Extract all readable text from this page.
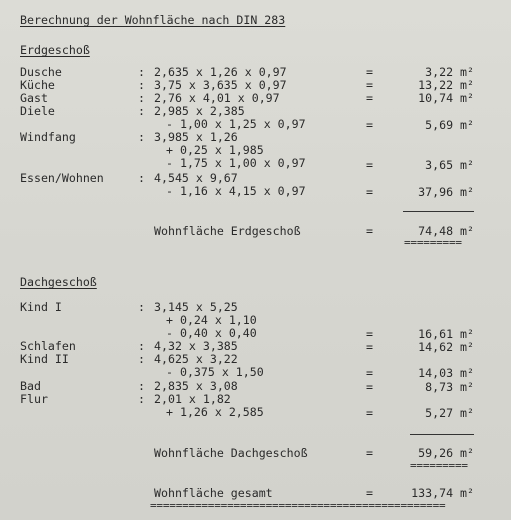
Berechnung der Wohnfläche nach DIN 283
Erdgeschoß
Dusche	: 2,635 x 1,26 x 0,97	=	3,22 m²
Küche	: 3,75 x 3,635 x 0,97	=	13,22 m²
Gast	: 2,76 x 4,01 x 0,97	=	10,74 m²
Diele	: 2,985 x 2,385
- 1,00 x 1,25 x 0,97	=	5,69 m²
Windfang	: 3,985 x 1,26
+ 0,25 x 1,985
- 1,75 x 1,00 x 0,97	=	3,65 m²
Essen/Wohnen	: 4,545 x 9,67
- 1,16 x 4,15 x 0,97	=	37,96 m²
Wohnfläche Erdgeschoß	=	74,48 m²
=========
Dachgeschoß
Kind I	: 3,145 x 5,25
+ 0,24 x 1,10
- 0,40 x 0,40	=	16,61 m²
Schlafen	: 4,32 x 3,385	=	14,62 m²
Kind II	: 4,625 x 3,22
- 0,375 x 1,50	=	14,03 m²
Bad	: 2,835 x 3,08	=	8,73 m²
Flur	: 2,01 x 1,82
+ 1,26 x 2,585	=	5,27 m²
Wohnfläche Dachgeschoß	=	59,26 m²
=========
Wohnfläche gesamt	=	133,74 m²
==============================================
